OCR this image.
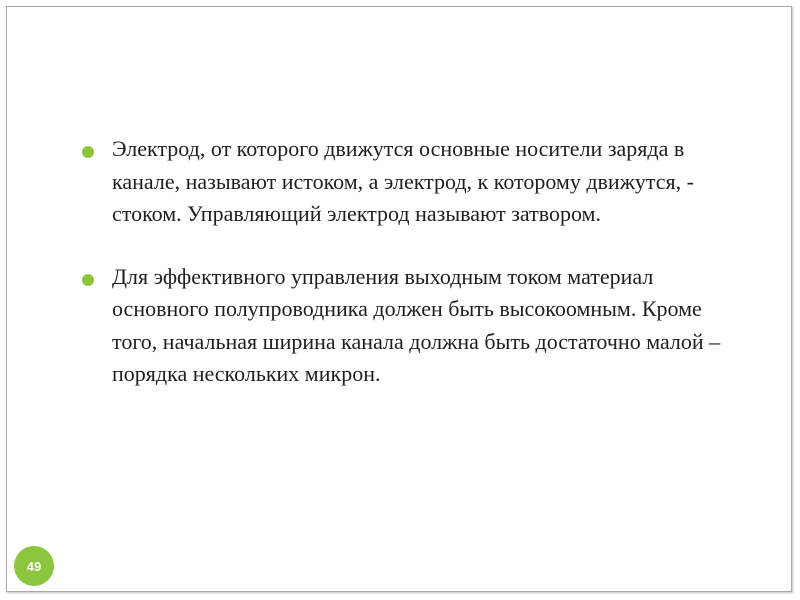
Электрод, от которого движутся основные носители заряда в канале, называют истоком, а электрод, к которому движутся, - стоком. Управляющий электрод называют затвором.

Для эффективного управления выходным током материал основного полупроводника должен быть высокоомным. Кроме того, начальная ширина канала должна быть достаточно малой – порядка нескольких микрон.

49
